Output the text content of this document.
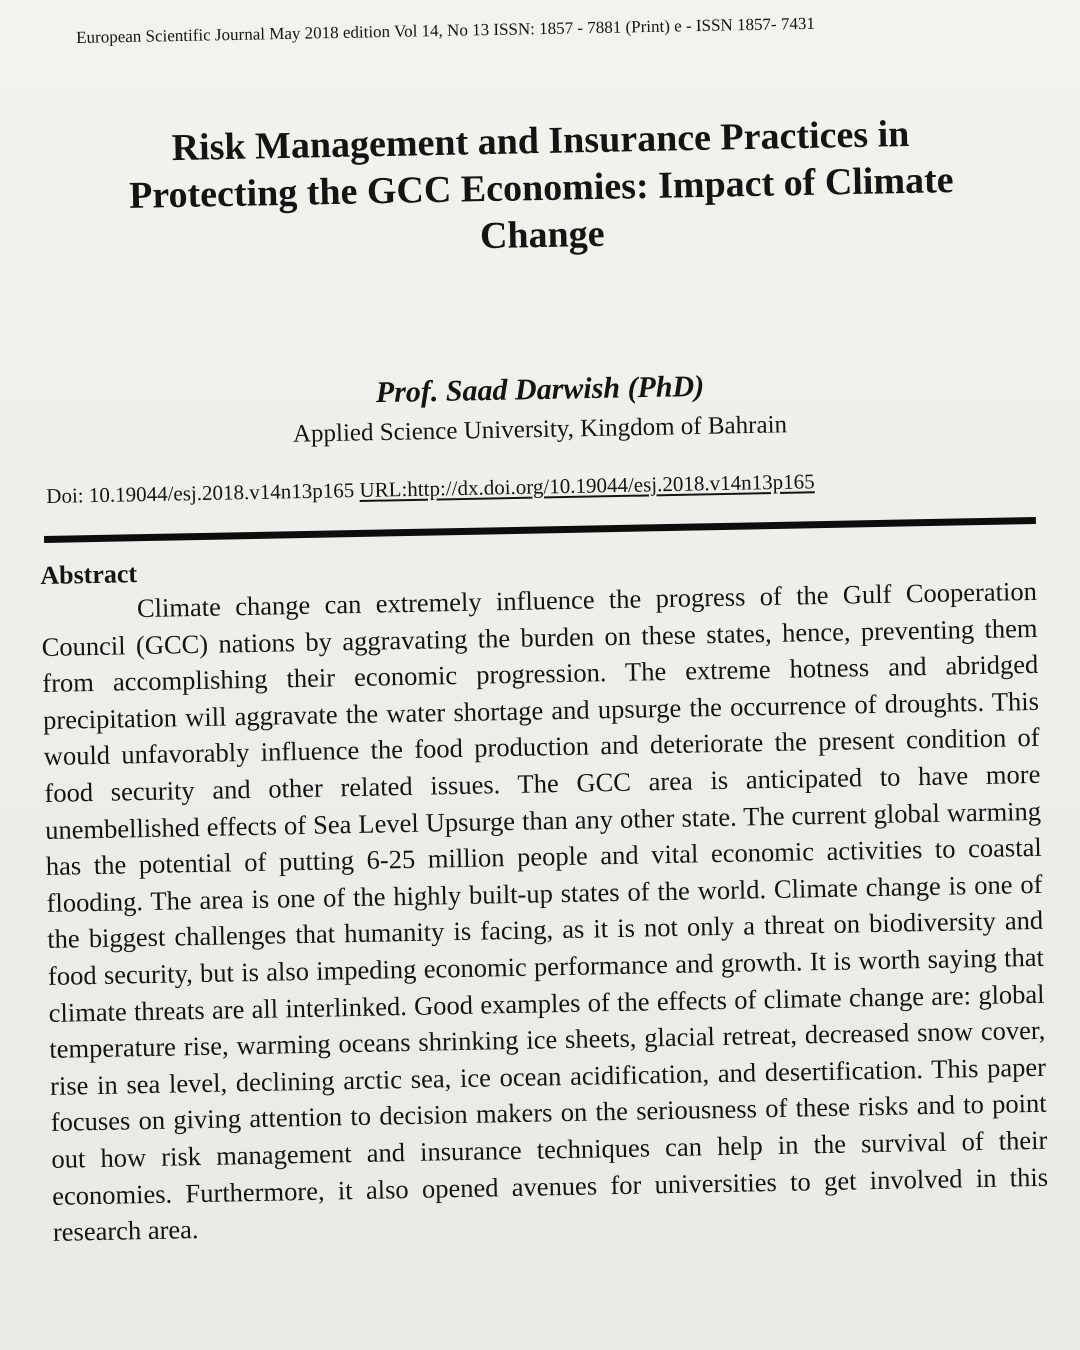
European Scientific Journal May 2018 edition Vol 14, No 13 ISSN: 1857 - 7881 (Print) e - ISSN 1857- 7431
Risk Management and Insurance Practices in
Protecting the GCC Economies: Impact of Climate
Change
Prof. Saad Darwish (PhD)
Applied Science University, Kingdom of Bahrain
Doi: 10.19044/esj.2018.v14n13p165 URL:http://dx.doi.org/10.19044/esj.2018.v14n13p165
Abstract

Climate change can extremely influence the progress of the Gulf Cooperation Council (GCC) nations by aggravating the burden on these states, hence, preventing them from accomplishing their economic progression. The extreme hotness and abridged precipitation will aggravate the water shortage and upsurge the occurrence of droughts. This would unfavorably influence the food production and deteriorate the present condition of food security and other related issues. The GCC area is anticipated to have more unembellished effects of Sea Level Upsurge than any other state. The current global warming has the potential of putting 6-25 million people and vital economic activities to coastal flooding. The area is one of the highly built-up states of the world. Climate change is one of the biggest challenges that humanity is facing, as it is not only a threat on biodiversity and food security, but is also impeding economic performance and growth. It is worth saying that climate threats are all interlinked. Good examples of the effects of climate change are: global temperature rise, warming oceans shrinking ice sheets, glacial retreat, decreased snow cover, rise in sea level, declining arctic sea, ice ocean acidification, and desertification. This paper focuses on giving attention to decision makers on the seriousness of these risks and to point out how risk management and insurance techniques can help in the survival of their economies. Furthermore, it also opened avenues for universities to get involved in this research area.
